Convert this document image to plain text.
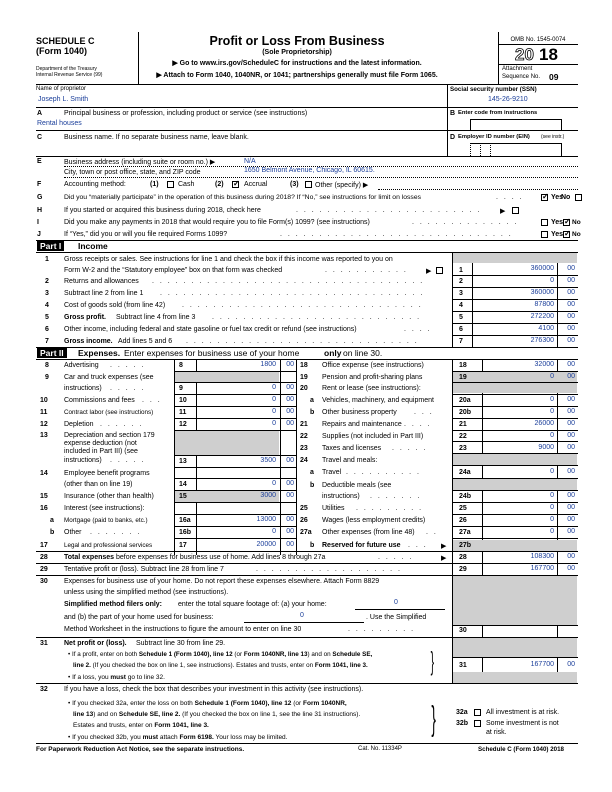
SCHEDULE C
(Form 1040)
Department of the Treasury
Internal Revenue Service (99)
Profit or Loss From Business
(Sole Proprietorship)
▶ Go to www.irs.gov/ScheduleC for instructions and the latest information.
▶ Attach to Form 1040, 1040NR, or 1041; partnerships generally must file Form 1065.
OMB No. 1545-0074
20 18
Attachment
Sequence No. 09
Name of proprietor
Joseph L. Smith
Social security number (SSN)
145-26-9210
A	Principal business or profession, including product or service (see instructions)
Rental houses
B Enter code from instructions
C	Business name. If no separate business name, leave blank.	D Employer ID number (EIN) (see instr.)
E	Business address (including suite or room no.) ▶	N/A
City, town or post office, state, and ZIP code	1650 Belmont Avenue, Chicago, IL 60615.
F	Accounting method:	(1)	Cash	(2) ✓	Accrual	(3) Other (specify) ▶
G	Did you “materially participate” in the operation of this business during 2018? If “No,” see instructions for limit on losses	. . . . ✓	Yes
No
H	If you started or acquired this business during 2018, check here	. . . . . . . . . . . . . . . . . . . . . . . .	▶
I	Did you make any payments in 2018 that would require you to file Form(s) 1099? (see instructions)	. . . . . . . . . . . . . .	Yes ✓ No
J	If “Yes,” did you or will you file required Forms 1099?	. . . . . . . . . . . . . . . . . . . . . . . . . . . . . .	Yes ✓ No
Part I	Income
1 Gross receipts or sales. See instructions for line 1 and check the box if this income was reported to you on
Form W-2 and the “Statutory employee” box on that form was checked	. . . . . . . . . . .	▶	1	360000	00
2 Returns and allowances . . . . . . . . . . . . . . . . . . . . . . . . . . . . . . . . . . .	2	0	00
3 Subtract line 2 from line 1 . . . . . . . . . . . . . . . . . . . . . . . . . . . . . . . . . .	3	360000	00
4 Cost of goods sold (from line 42) . . . . . . . . . . . . . . . . . . . . . . . . . . . . . . .	4	87800	00
5 Gross profit. Subtract line 4 from line 3 . . . . . . . . . . . . . . . . . . . . . . . . . . .	5	272200	00
6 Other income, including federal and state gasoline or fuel tax credit or refund (see instructions)	. . . .	6	4100	00
7 Gross income. Add lines 5 and 6 . . . . . . . . . . . . . . . . . . . . . . . . . . . . . .	7	276300	00
Part II	Expenses. Enter expenses for business use of your home	only on line 30.
8 Advertising . . . . .	8	1800	00
9 Car and truck expenses (see
instructions) . . . . .	9	0	00
10 Commissions and fees . . .	10	0	00
11	Contract labor (see instructions)	11	0	00
12 Depletion . . . . . .	12	0	00
13 Depreciation and section 179
expense deduction (not
included in Part III) (see
instructions) . . . . .	13	3500	00
14 Employee benefit programs
(other than on line 19)	14	0	00
15 Insurance (other than health)	15	3000	00
16 Interest (see instructions):
a Mortgage (paid to banks, etc.)	16a	13000	00
b Other . . . . . . .	16b	0	00
17	Legal and professional services	17	20000	00
18 Office expense (see instructions)	18	32000	00
19 Pension and profit-sharing plans	19	0	00
20 Rent or lease (see instructions):
a Vehicles, machinery, and equipment	20a	0	00
b Other business property . . .	20b	0	00
21 Repairs and maintenance . . . .	21	26000	00
22 Supplies (not included in Part III)	22	0	00
23 Taxes and licenses . . . . .	23	9000	00
24 Travel and meals:
a Travel . . . . . . . . . .	24a	0	00
b Deductible meals (see
instructions) . . . . . . .	24b	0	00
25 Utilities . . . . . . . . .	25	0	00
26 Wages (less employment credits)	26	0	00
27a Other expenses (from line 48) . .	27a	0	00
b Reserved for future use . . .	▶	27b
28 Total expenses before expenses for business use of home. Add lines 8 through 27a	. . . . .	▶	28	108300	00
29 Tentative profit or (loss). Subtract line 28 from line 7	. . . . . . . . . . . . . . . . . . .	29	167700	00
30 Expenses for business use of your home. Do not report these expenses elsewhere. Attach Form 8829
unless using the simplified method (see instructions).
Simplified method filers only: enter the total square footage of: (a) your home:	0
and (b) the part of your home used for business:	0	. Use the Simplified
Method Worksheet in the instructions to figure the amount to enter on line 30	. . . . . . . . .	30
31 Net profit or (loss). Subtract line 30 from line 29.
• If a profit, enter on both Schedule 1 (Form 1040), line 12 (or Form 1040NR, line 13) and on Schedule SE,
line 2. (If you checked the box on line 1, see instructions). Estates and trusts, enter on Form 1041, line 3.
• If a loss, you must go to line 32.
}	31	167700	00
32 If you have a loss, check the box that describes your investment in this activity (see instructions).
• If you checked 32a, enter the loss on both Schedule 1 (Form 1040), line 12 (or Form 1040NR,
line 13) and on Schedule SE, line 2. (If you checked the box on line 1, see the line 31 instructions).
Estates and trusts, enter on Form 1041, line 3.
• If you checked 32b, you must attach Form 6198. Your loss may be limited.	}	32a	All investment is at risk.
32b	Some investment is not
at risk.
For Paperwork Reduction Act Notice, see the separate instructions.	Cat. No. 11334P	Schedule C (Form 1040) 2018
